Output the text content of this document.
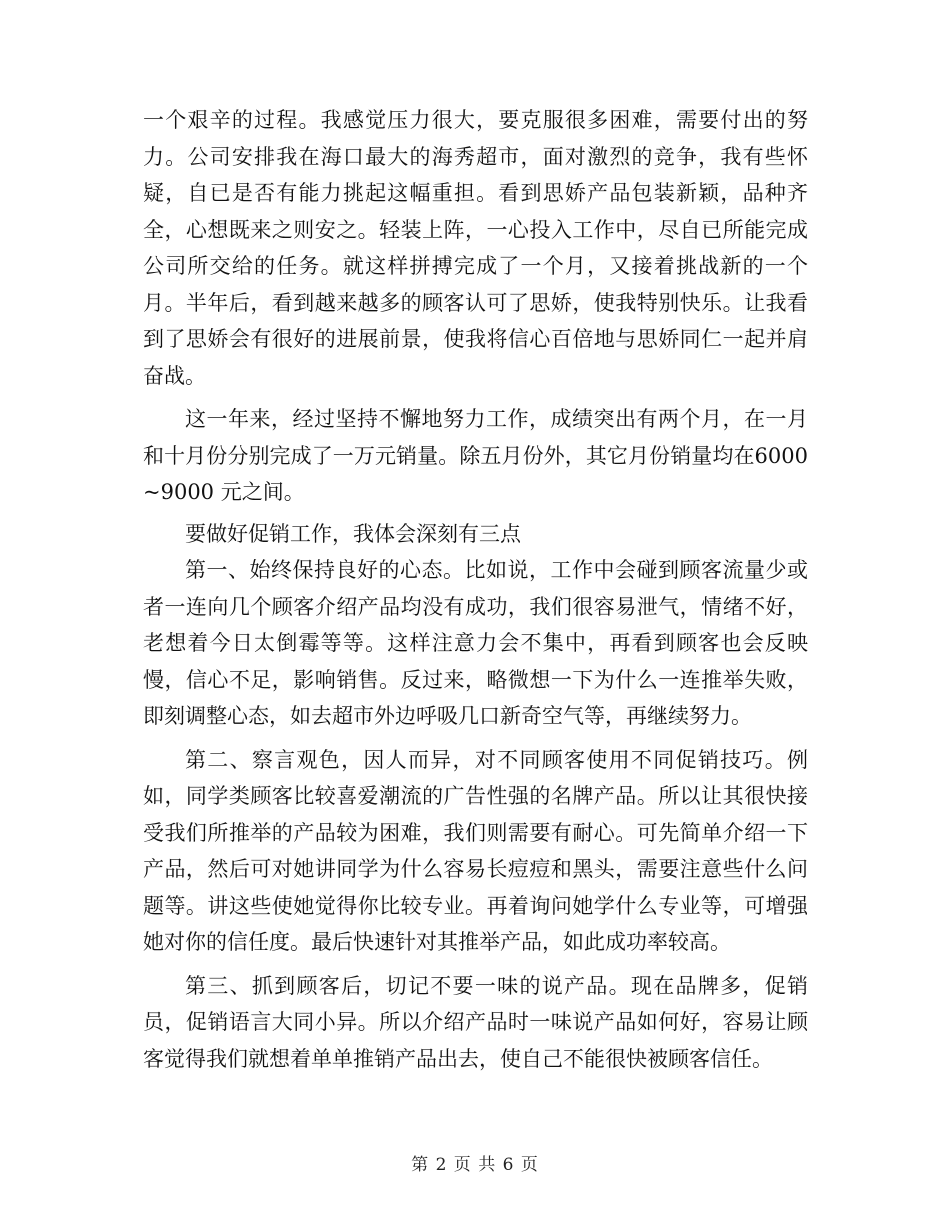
一个艰辛的过程。我感觉压力很大，要克服很多困难，需要付出的努力。公司安排我在海口最大的海秀超市，面对激烈的竞争，我有些怀疑，自已是否有能力挑起这幅重担。看到思娇产品包装新颖，品种齐全，心想既来之则安之。轻装上阵，一心投入工作中，尽自已所能完成公司所交给的任务。就这样拼搏完成了一个月，又接着挑战新的一个月。半年后，看到越来越多的顾客认可了思娇，使我特别快乐。让我看到了思娇会有很好的进展前景，使我将信心百倍地与思娇同仁一起并肩奋战。

这一年来，经过坚持不懈地努力工作，成绩突出有两个月，在一月和十月份分别完成了一万元销量。除五月份外，其它月份销量均在6000~9000 元之间。

要做好促销工作，我体会深刻有三点

第一、始终保持良好的心态。比如说，工作中会碰到顾客流量少或者一连向几个顾客介绍产品均没有成功，我们很容易泄气，情绪不好，老想着今日太倒霉等等。这样注意力会不集中，再看到顾客也会反映慢，信心不足，影响销售。反过来，略微想一下为什么一连推举失败，即刻调整心态，如去超市外边呼吸几口新奇空气等，再继续努力。

第二、察言观色，因人而异，对不同顾客使用不同促销技巧。例如，同学类顾客比较喜爱潮流的广告性强的名牌产品。所以让其很快接受我们所推举的产品较为困难，我们则需要有耐心。可先简单介绍一下产品，然后可对她讲同学为什么容易长痘痘和黑头，需要注意些什么问题等。讲这些使她觉得你比较专业。再着询问她学什么专业等，可增强她对你的信任度。最后快速针对其推举产品，如此成功率较高。

第三、抓到顾客后，切记不要一味的说产品。现在品牌多，促销员，促销语言大同小异。所以介绍产品时一味说产品如何好，容易让顾客觉得我们就想着单单推销产品出去，使自己不能很快被顾客信任。

第 2 页 共 6 页
